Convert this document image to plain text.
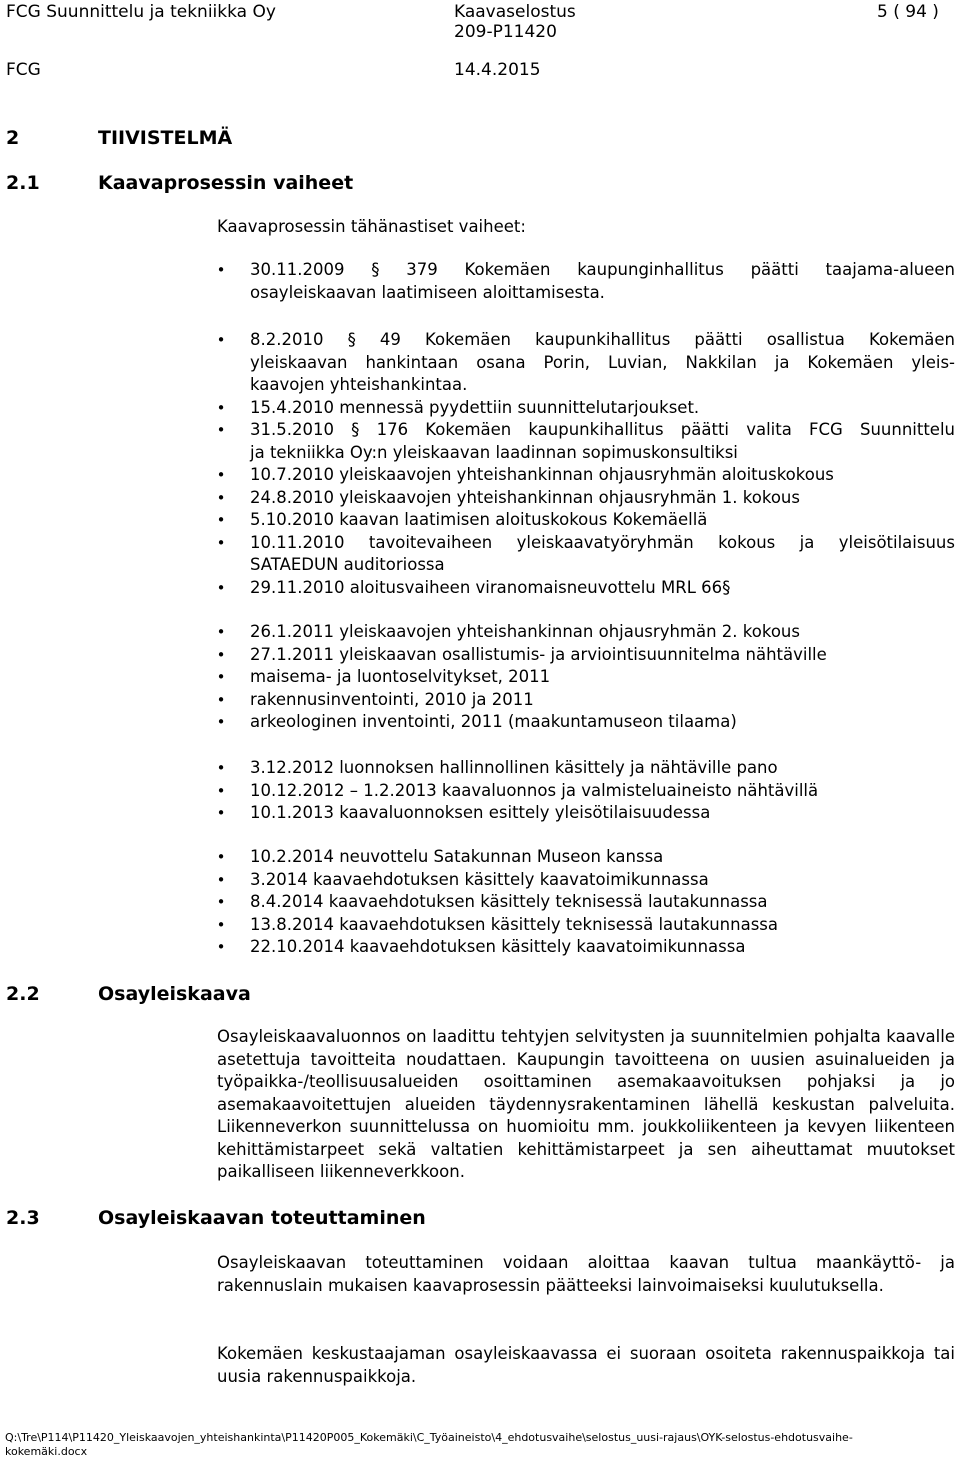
FCG Suunnittelu ja tekniikka Oy	Kaavaselostus	5 ( 94 )
209-P11420
FCG	14.4.2015
2	TIIVISTELMÄ
2.1	Kaavaprosessin vaiheet
Kaavaprosessin tähänastiset vaiheet:
• 30.11.2009 § 379 Kokemäen kaupunginhallitus päätti taajama-alueen
osayleiskaavan laatimiseen aloittamisesta.
• 8.2.2010 § 49 Kokemäen kaupunkihallitus päätti osallistua Kokemäen
yleiskaavan hankintaan osana Porin, Luvian, Nakkilan ja Kokemäen yleis-
kaavojen yhteishankintaa.
• 15.4.2010 mennessä pyydettiin suunnittelutarjoukset.
• 31.5.2010 § 176 Kokemäen kaupunkihallitus päätti valita FCG Suunnittelu
ja tekniikka Oy:n yleiskaavan laadinnan sopimuskonsultiksi
• 10.7.2010 yleiskaavojen yhteishankinnan ohjausryhmän aloituskokous
• 24.8.2010 yleiskaavojen yhteishankinnan ohjausryhmän 1. kokous
• 5.10.2010 kaavan laatimisen aloituskokous Kokemäellä
• 10.11.2010 tavoitevaiheen yleiskaavatyöryhmän kokous ja yleisötilaisuus
SATAEDUN auditoriossa
• 29.11.2010 aloitusvaiheen viranomaisneuvottelu MRL 66§
• 26.1.2011 yleiskaavojen yhteishankinnan ohjausryhmän 2. kokous
• 27.1.2011 yleiskaavan osallistumis- ja arviointisuunnitelma nähtäville
• maisema- ja luontoselvitykset, 2011
• rakennusinventointi, 2010 ja 2011
• arkeologinen inventointi, 2011 (maakuntamuseon tilaama)
• 3.12.2012 luonnoksen hallinnollinen käsittely ja nähtäville pano
• 10.12.2012 – 1.2.2013 kaavaluonnos ja valmisteluaineisto nähtävillä
• 10.1.2013 kaavaluonnoksen esittely yleisötilaisuudessa
• 10.2.2014 neuvottelu Satakunnan Museon kanssa
• 3.2014 kaavaehdotuksen käsittely kaavatoimikunnassa
• 8.4.2014 kaavaehdotuksen käsittely teknisessä lautakunnassa
• 13.8.2014 kaavaehdotuksen käsittely teknisessä lautakunnassa
• 22.10.2014 kaavaehdotuksen käsittely kaavatoimikunnassa
2.2	Osayleiskaava
Osayleiskaavaluonnos on laadittu tehtyjen selvitysten ja suunnitelmien pohjalta kaavalle asetettuja tavoitteita noudattaen. Kaupungin tavoitteena on uusien asuinalueiden ja työpaikka-/teollisuusalueiden osoittaminen asemakaavoituksen pohjaksi ja jo asemakaavoitettujen alueiden täydennysrakentaminen lähellä keskustan palveluita. Liikenneverkon suunnittelussa on huomioitu mm. joukkoliikenteen ja kevyen liikenteen kehittämistarpeet sekä valtatien kehittämistarpeet ja sen aiheuttamat muutokset paikalliseen liikenneverkkoon.
2.3	Osayleiskaavan toteuttaminen
Osayleiskaavan toteuttaminen voidaan aloittaa kaavan tultua maankäyttö- ja rakennuslain mukaisen kaavaprosessin päätteeksi lainvoimaiseksi kuulutuksella.
Kokemäen keskustaajaman osayleiskaavassa ei suoraan osoiteta rakennuspaikkoja tai uusia rakennuspaikkoja.
Q:\Tre\P114\P11420_Yleiskaavojen_yhteishankinta\P11420P005_Kokemäki\C_Työaineisto\4_ehdotusvaihe\selostus_uusi-rajaus\OYK-selostus-ehdotusvaihe-
kokemäki.docx
